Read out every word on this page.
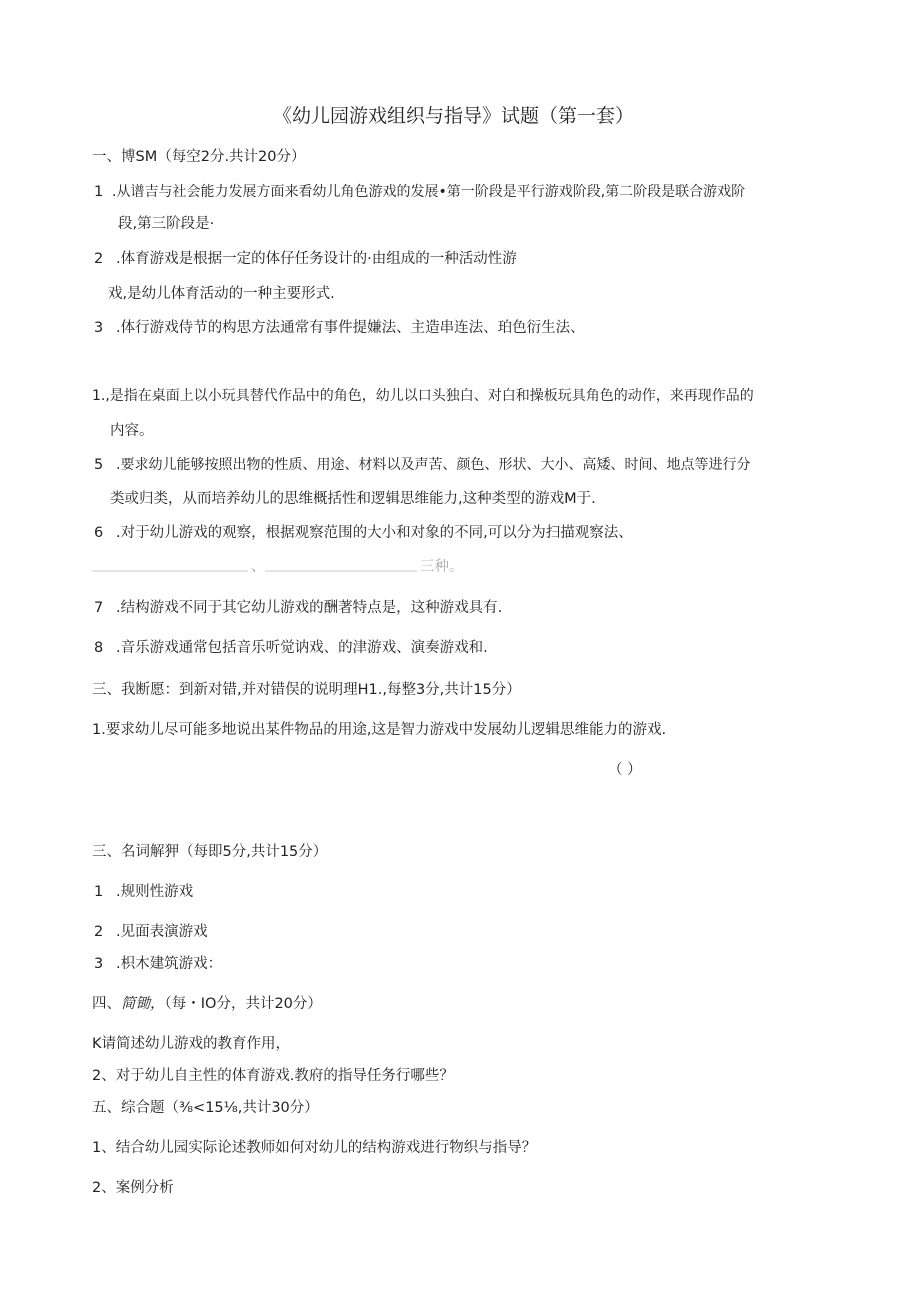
《幼儿园游戏组织与指导》试题（第一套）
一、博SM（每空2分.共计20分）
1 .从谱吉与社会能力发展方面来看幼儿角色游戏的发展•第一阶段是平行游戏阶段,第二阶段是联合游戏阶
段,第三阶段是·
2 .体育游戏是根据一定的体仔任务设计的·由组成的一种活动性游
戏,是幼儿体育活动的一种主要形式.
3 .体行游戏侍节的构思方法通常有事件提嫌法、主造串连法、珀色衍生法、
1.,是指在桌面上以小玩具替代作品中的角色，幼儿以口头独白、对白和操板玩具角色的动作，来再现作品的
内容。
5 .要求幼儿能够按照出物的性质、用途、材料以及声苦、颜色、形状、大小、高矮、时间、地点等进行分
类或归类，从而培养幼儿的思维概括性和逻辑思维能力,这种类型的游戏M于.
6 .对于幼儿游戏的观察，根据观察范围的大小和对象的不同,可以分为扫描观察法、
、	三种。
7 .结构游戏不同于其它幼儿游戏的酬著特点是，这种游戏具有.
8 .音乐游戏通常包括音乐听觉讷戏、的津游戏、演奏游戏和.
三、我断愿：到新对错,并对错俣的说明理H1.,每整3分,共计15分）
1.要求幼儿尽可能多地说出某件物品的用途,这是智力游戏中发展幼儿逻辑思维能力的游戏.
（ ）
三、名词解狎（每即5分,共计15分）
1 .规则性游戏
2 .见面表演游戏
3 .枳木建筑游戏：
四、简锄，（每・IO分，共计20分）
K请简述幼儿游戏的教育作用，
2、对于幼儿自主性的体育游戏.教府的指导任务行哪些？
五、综合题（⅜<15⅛,共计30分）
1、结合幼儿园实际论述教师如何对幼儿的结构游戏进行物织与指导？
2、案例分析
